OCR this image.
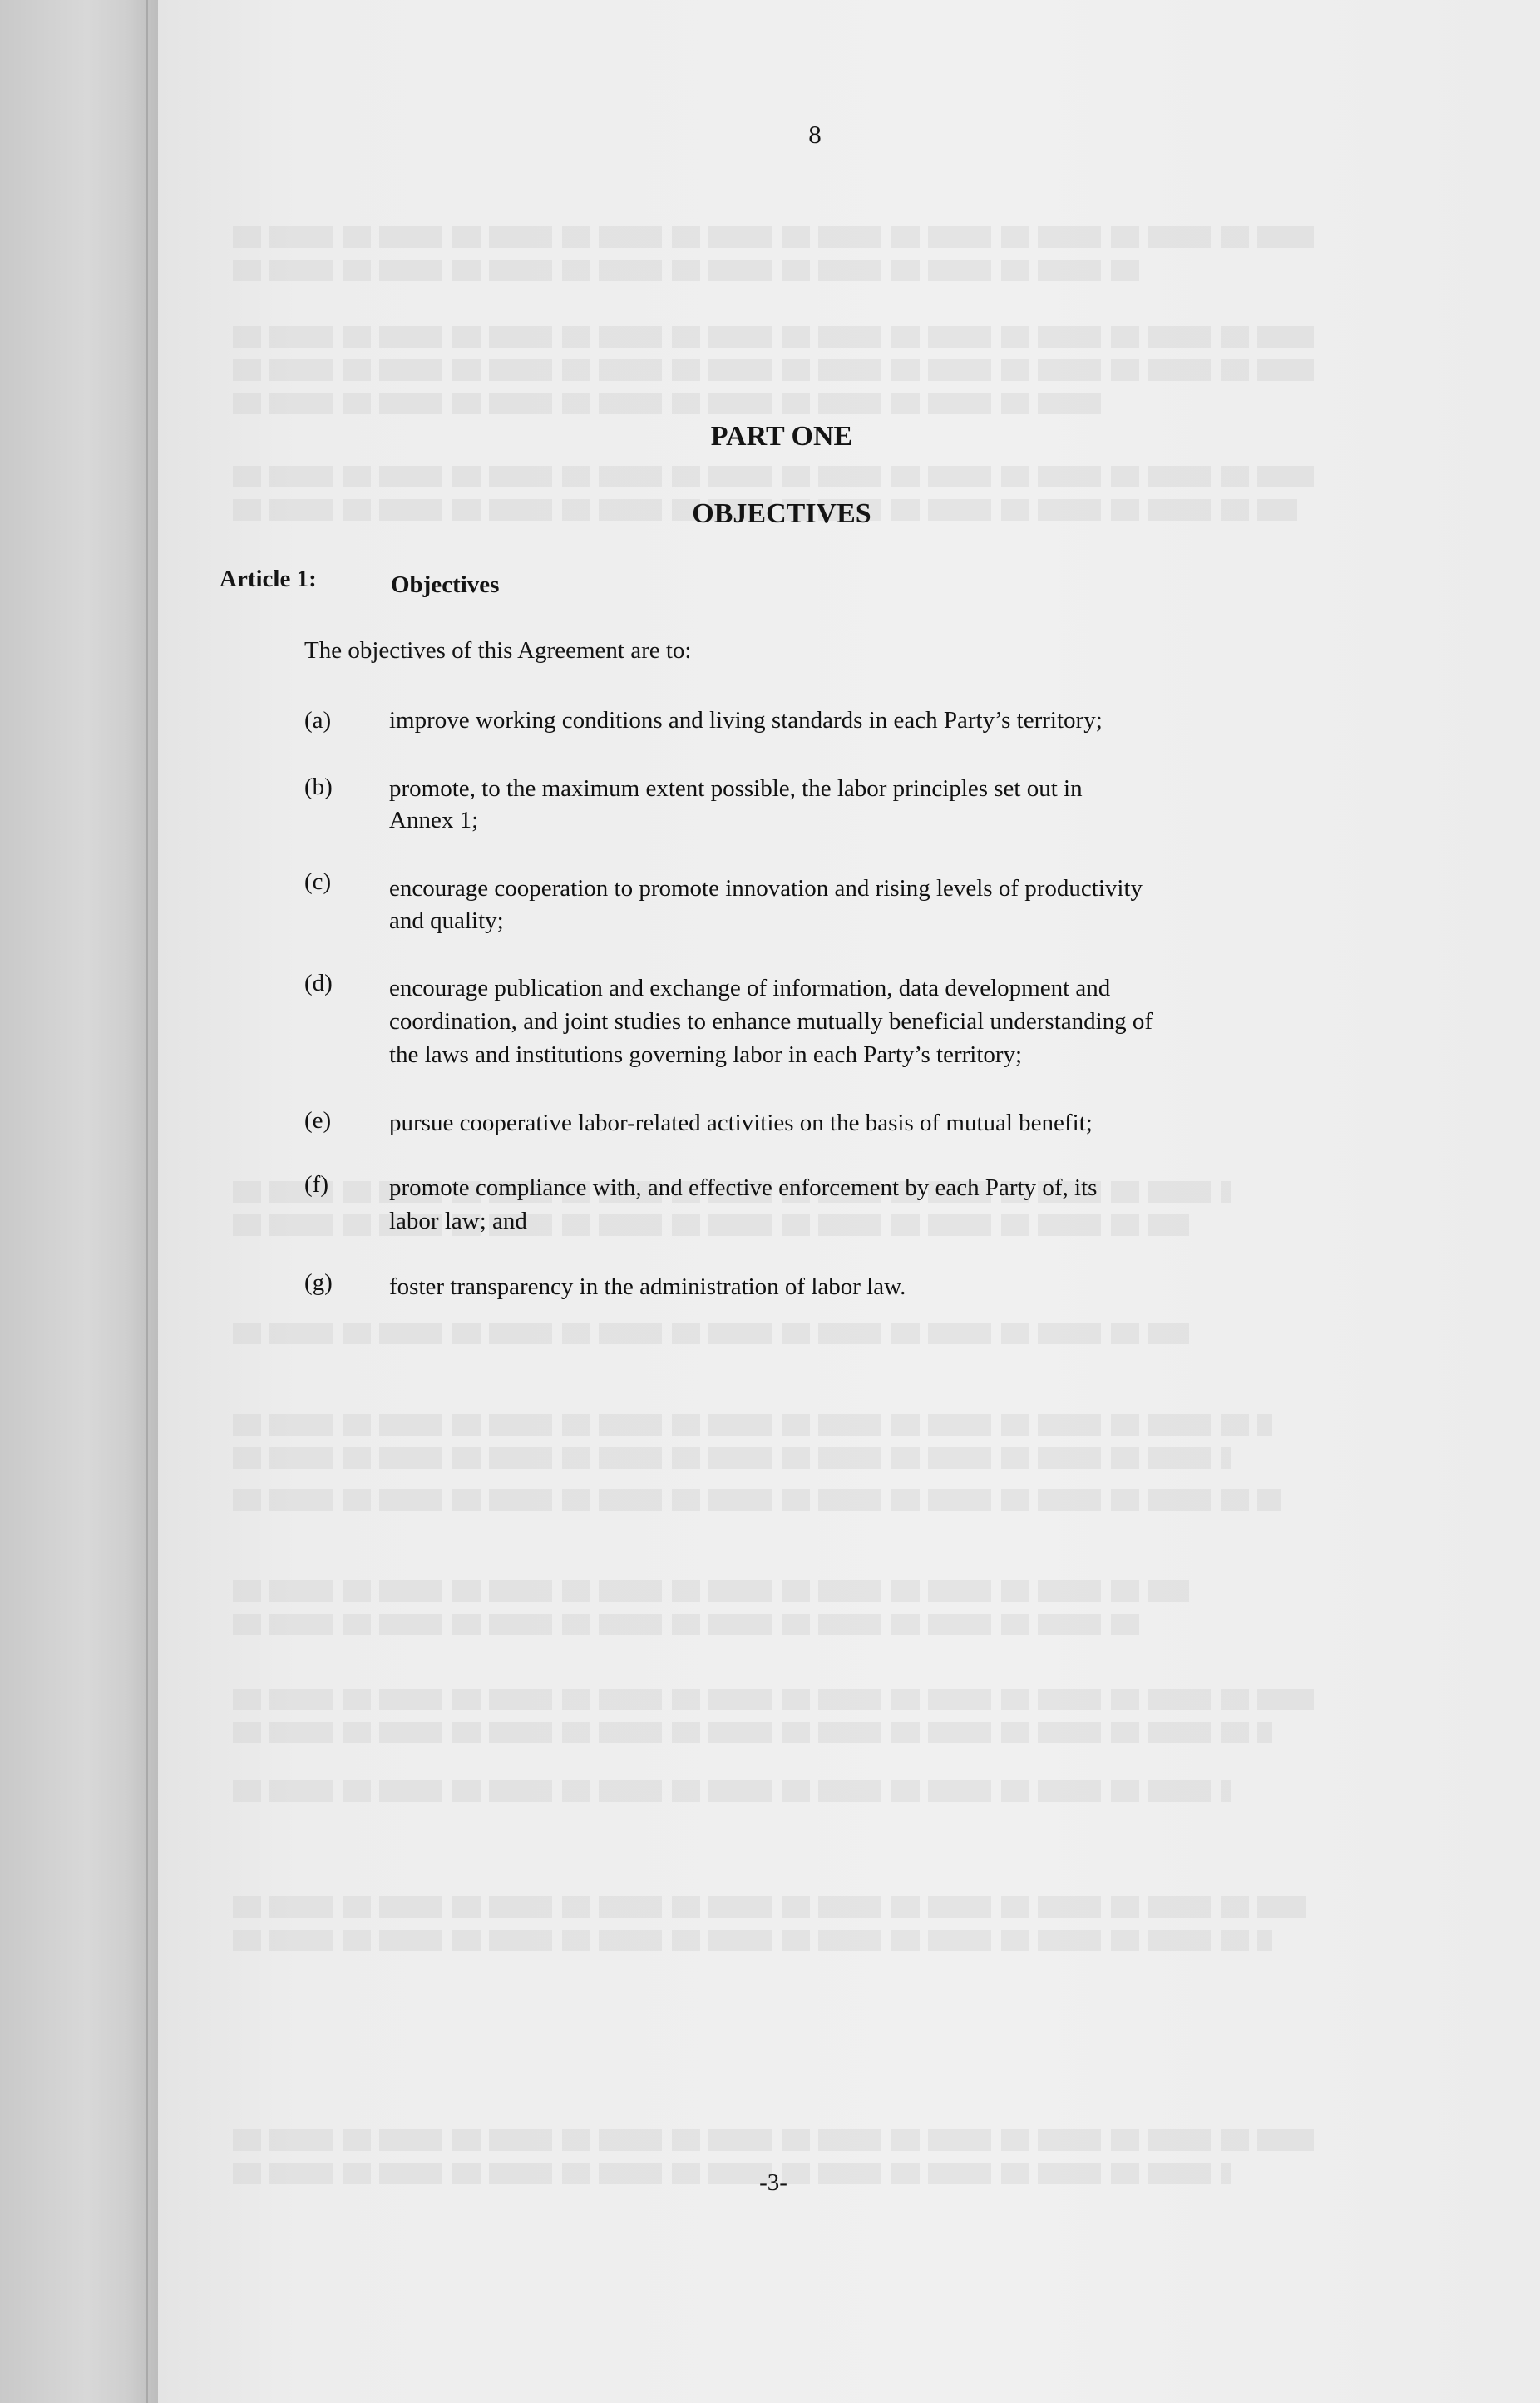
8
PART ONE
OBJECTIVES
Article 1:	Objectives
The objectives of this Agreement are to:
(a) improve working conditions and living standards in each Party’s territory;
(b) promote, to the maximum extent possible, the labor principles set out in
Annex 1;
(c) encourage cooperation to promote innovation and rising levels of productivity
and quality;
(d) encourage publication and exchange of information, data development and
coordination, and joint studies to enhance mutually beneficial understanding of
the laws and institutions governing labor in each Party’s territory;
(e) pursue cooperative labor-related activities on the basis of mutual benefit;
(f)	promote compliance with, and effective enforcement by each Party of, its
labor law; and
(g) foster transparency in the administration of labor law.
-3-
